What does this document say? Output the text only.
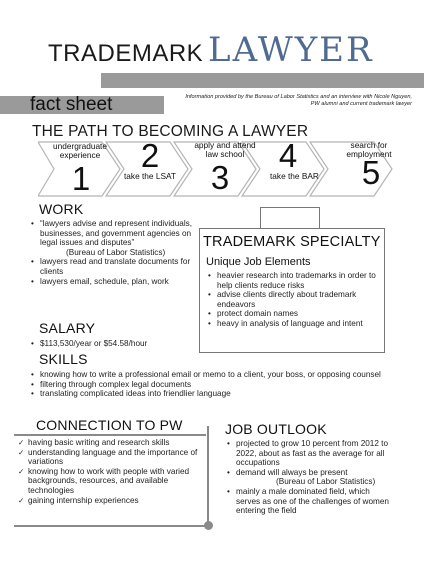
TRADEMARK LAWYER
fact sheet	Information provided by the Bureau of Labor Statistics and an interview with Nicole Nguyen, PW alumni and current trademark lawyer
THE PATH TO BECOMING A LAWYER
undergraduate experience
1
2
take the LSAT
apply and attend law school
3
4
take the BAR
search for employment
5
WORK
• “lawyers advise and represent individuals, businesses, and government agencies on legal issues and disputes”
(Bureau of Labor Statistics)
• lawyers read and translate documents for clients
• lawyers email, schedule, plan, work
SALARY
• $113,530/year or $54.58/hour
TRADEMARK SPECIALTY
Unique Job Elements
• heavier research into trademarks in order to help clients reduce risks
• advise clients directly about trademark endeavors
• protect domain names
• heavy in analysis of language and intent
SKILLS
• knowing how to write a professional email or memo to a client, your boss, or opposing counsel
• filtering through complex legal documents
• translating complicated ideas into friendlier language
CONNECTION TO PW
✓ having basic writing and research skills
✓ understanding language and the importance of variations
✓ knowing how to work with people with varied backgrounds, resources, and available technologies
✓ gaining internship experiences
JOB OUTLOOK
• projected to grow 10 percent from 2012 to 2022, about as fast as the average for all occupations
• demand will always be present
(Bureau of Labor Statistics)
• mainly a male dominated field, which serves as one of the challenges of women entering the field
